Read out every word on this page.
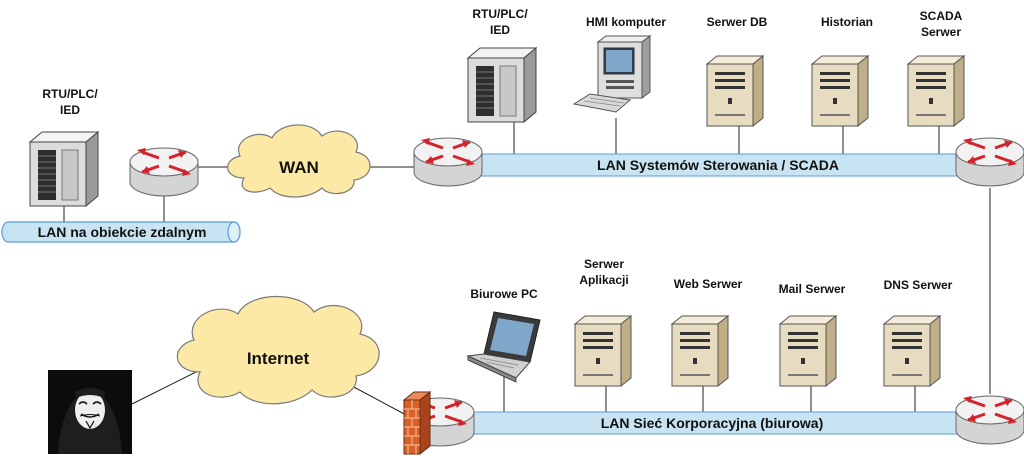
LAN na obiekcie zdalnym
LAN Systemów Sterowania / SCADA
LAN Sieć Korporacyjna (biurowa)
WAN
Internet
RTU/PLC/
IED
RTU/PLC/
IED
HMI komputer	Serwer DB	Historian	SCADA
Serwer
Biurowe PC
Serwer
Aplikacji	Web Serwer	Mail Serwer	DNS Serwer
